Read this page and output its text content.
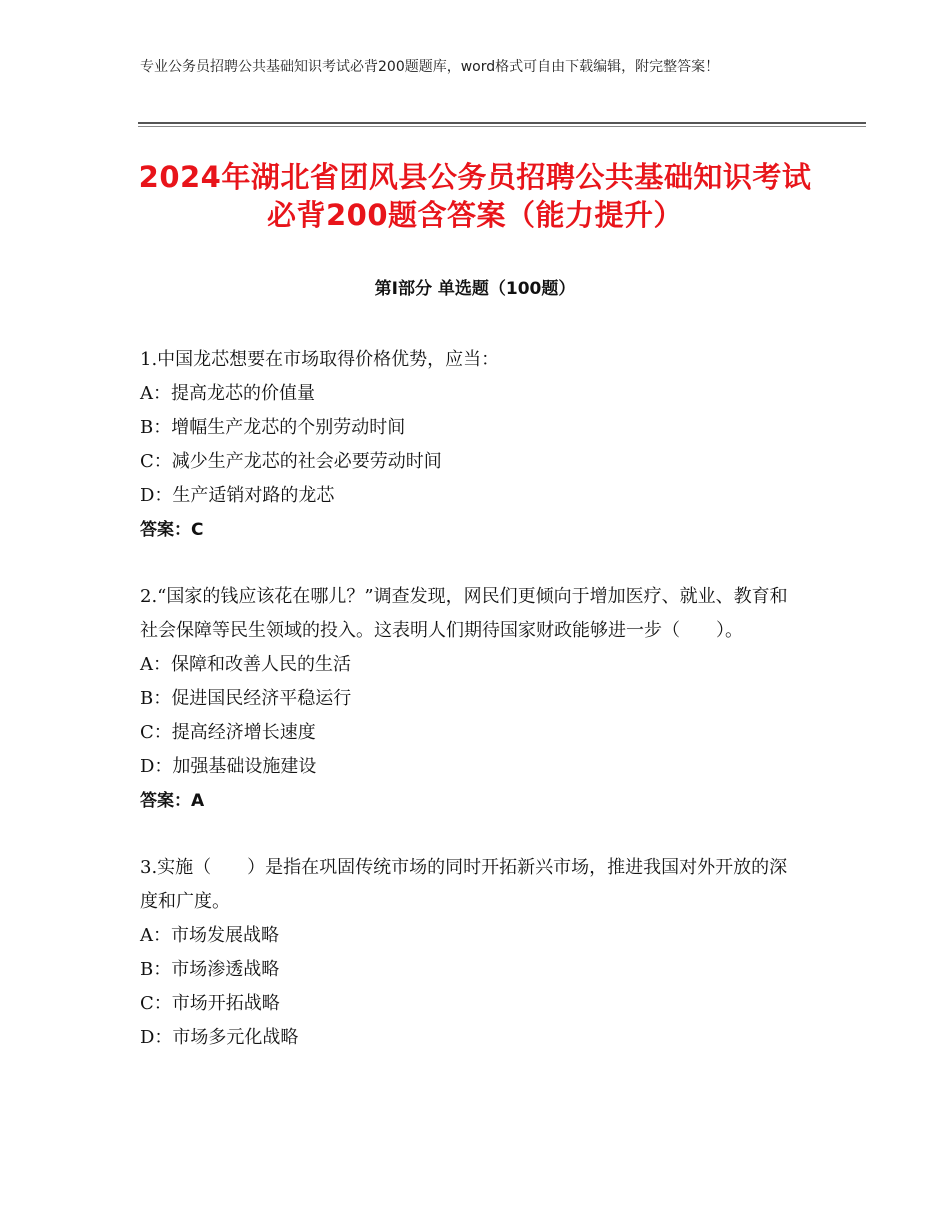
专业公务员招聘公共基础知识考试必背200题题库，word格式可自由下载编辑，附完整答案！
2024年湖北省团风县公务员招聘公共基础知识考试必背200题含答案（能力提升）
第Ⅰ部分 单选题（100题）

1.中国龙芯想要在市场取得价格优势，应当：

A：提高龙芯的价值量

B：增幅生产龙芯的个别劳动时间

C：减少生产龙芯的社会必要劳动时间

D：生产适销对路的龙芯

答案：C

2.“国家的钱应该花在哪儿？”调查发现，网民们更倾向于增加医疗、就业、教育和社会保障等民生领域的投入。这表明人们期待国家财政能够进一步（　　）。

A：保障和改善人民的生活

B：促进国民经济平稳运行

C：提高经济增长速度

D：加强基础设施建设

答案：A

3.实施（　　）是指在巩固传统市场的同时开拓新兴市场，推进我国对外开放的深度和广度。

A：市场发展战略

B：市场渗透战略

C：市场开拓战略

D：市场多元化战略
